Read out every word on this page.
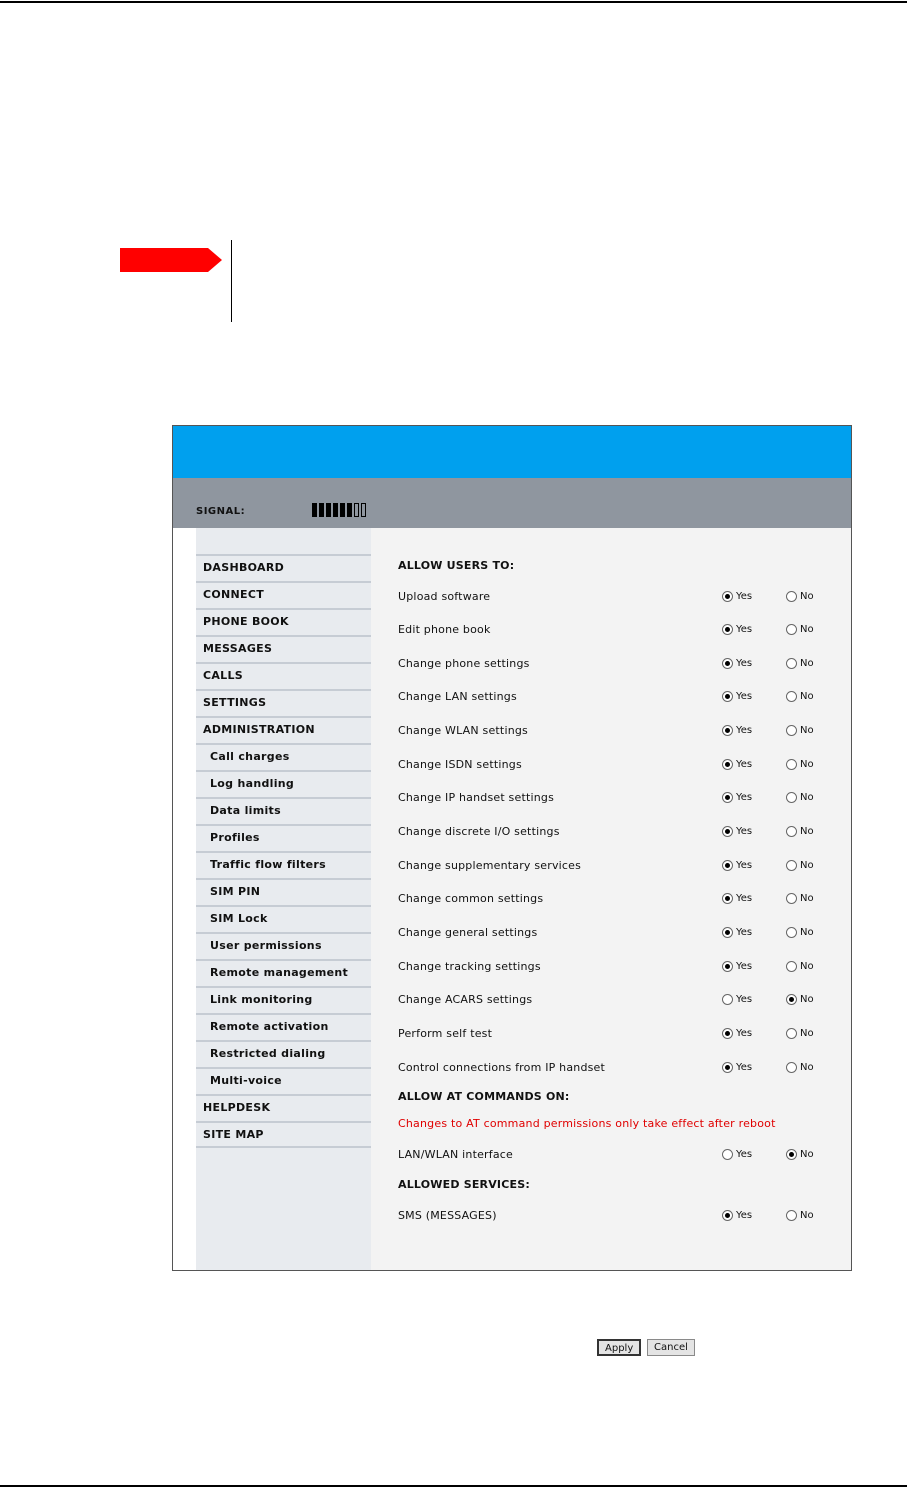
SIGNAL:
DASHBOARD
CONNECT
PHONE BOOK
MESSAGES
CALLS
SETTINGS
ADMINISTRATION
Call charges
Log handling
Data limits
Profiles
Traffic flow filters
SIM PIN
SIM Lock
User permissions
Remote management
Link monitoring
Remote activation
Restricted dialing
Multi-voice
HELPDESK
SITE MAP
Apply	Cancel
ALLOW USERS TO:
Upload software	Yes	No
Edit phone book	Yes	No
Change phone settings	Yes	No
Change LAN settings	Yes	No
Change WLAN settings	Yes	No
Change ISDN settings	Yes	No
Change IP handset settings	Yes	No
Change discrete I/O settings	Yes	No
Change supplementary services	Yes	No
Change common settings	Yes	No
Change general settings	Yes	No
Change tracking settings	Yes	No
Change ACARS settings	Yes	No
Perform self test	Yes	No
Control connections from IP handset	Yes	No
ALLOW AT COMMANDS ON:
Changes to AT command permissions only take effect after reboot
LAN/WLAN interface	Yes	No
ALLOWED SERVICES:
SMS (MESSAGES)	Yes	No
